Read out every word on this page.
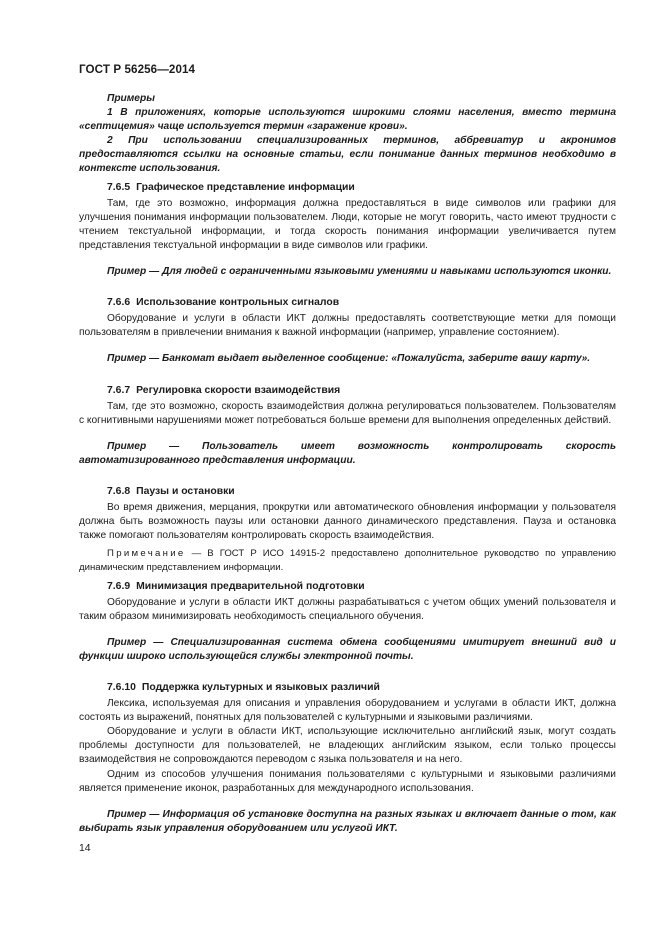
ГОСТ Р 56256—2014

Примеры

1 В приложениях, которые используются широкими слоями населения, вместо термина «септицемия» чаще используется термин «заражение крови».

2 При использовании специализированных терминов, аббревиатур и акронимов предоставляются ссылки на основные статьи, если понимание данных терминов необходимо в контексте использования.

7.6.5 Графическое представление информации

Там, где это возможно, информация должна предоставляться в виде символов или графики для улучшения понимания информации пользователем. Люди, которые не могут говорить, часто имеют трудности с чтением текстуальной информации, и тогда скорость понимания информации увеличивается путем представления текстуальной информации в виде символов или графики.

Пример — Для людей с ограниченными языковыми умениями и навыками используются иконки.

7.6.6 Использование контрольных сигналов

Оборудование и услуги в области ИКТ должны предоставлять соответствующие метки для помощи пользователям в привлечении внимания к важной информации (например, управление состоянием).

Пример — Банкомат выдает выделенное сообщение: «Пожалуйста, заберите вашу карту».

7.6.7 Регулировка скорости взаимодействия

Там, где это возможно, скорость взаимодействия должна регулироваться пользователем. Пользователям с когнитивными нарушениями может потребоваться больше времени для выполнения определенных действий.

Пример — Пользователь имеет возможность контролировать скорость автоматизированного представления информации.

7.6.8 Паузы и остановки

Во время движения, мерцания, прокрутки или автоматического обновления информации у пользователя должна быть возможность паузы или остановки данного динамического представления. Пауза и остановка также помогают пользователям контролировать скорость взаимодействия.

Примечание — В ГОСТ Р ИСО 14915-2 предоставлено дополнительное руководство по управлению динамическим представлением информации.

7.6.9 Минимизация предварительной подготовки

Оборудование и услуги в области ИКТ должны разрабатываться с учетом общих умений пользователя и таким образом минимизировать необходимость специального обучения.

Пример — Специализированная система обмена сообщениями имитирует внешний вид и функции широко использующейся службы электронной почты.

7.6.10 Поддержка культурных и языковых различий

Лексика, используемая для описания и управления оборудованием и услугами в области ИКТ, должна состоять из выражений, понятных для пользователей с культурными и языковыми различиями.

Оборудование и услуги в области ИКТ, использующие исключительно английский язык, могут создать проблемы доступности для пользователей, не владеющих английским языком, если только процессы взаимодействия не сопровождаются переводом с языка пользователя и на него.

Одним из способов улучшения понимания пользователями с культурными и языковыми различиями является применение иконок, разработанных для международного использования.

Пример — Информация об установке доступна на разных языках и включает данные о том, как выбирать язык управления оборудованием или услугой ИКТ.

14
